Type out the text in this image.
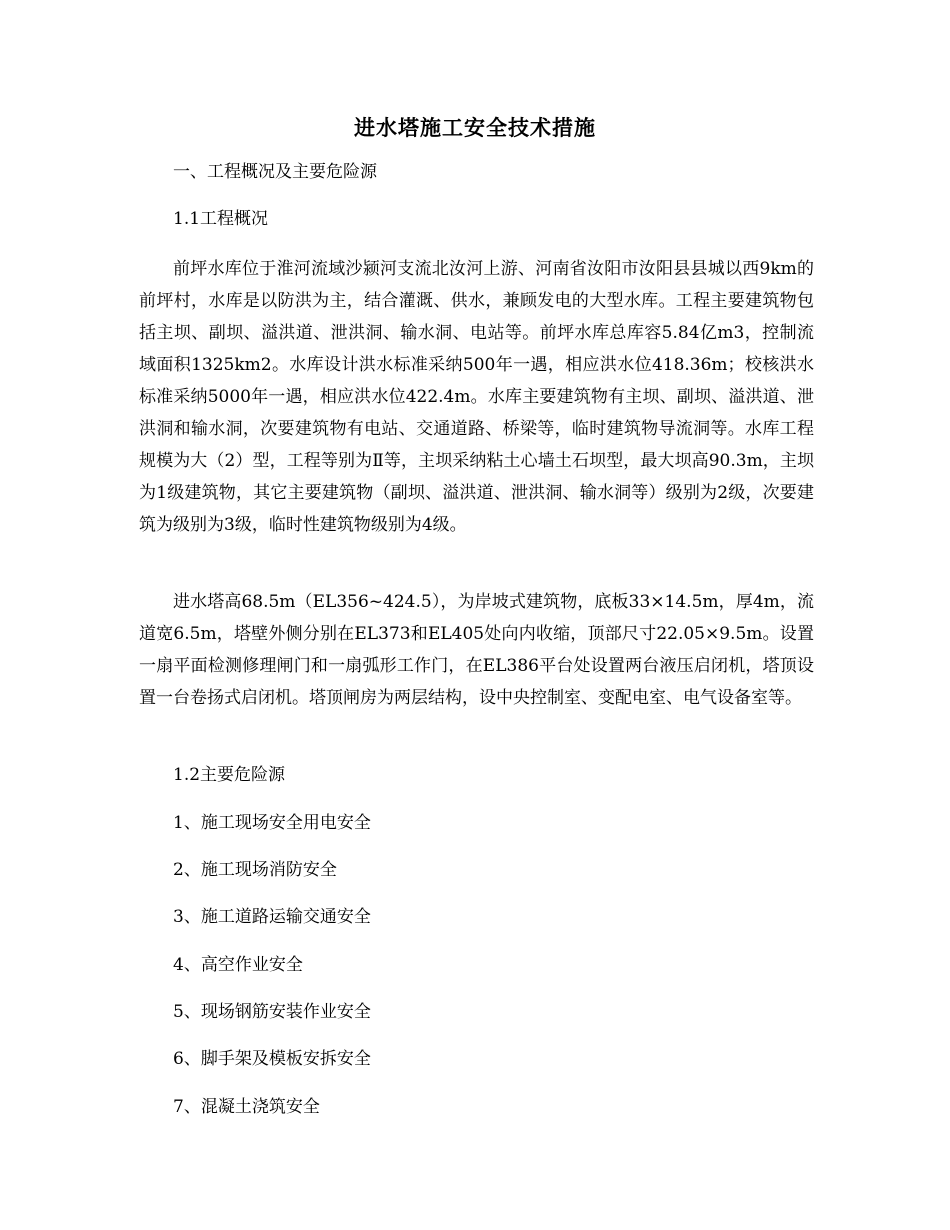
进水塔施工安全技术措施
一、工程概况及主要危险源
1.1工程概况

前坪水库位于淮河流域沙颍河支流北汝河上游、河南省汝阳市汝阳县县城以西9km的前坪村，水库是以防洪为主，结合灌溉、供水，兼顾发电的大型水库。工程主要建筑物包括主坝、副坝、溢洪道、泄洪洞、输水洞、电站等。前坪水库总库容5.84亿m3，控制流域面积1325km2。水库设计洪水标准采纳500年一遇，相应洪水位418.36m；校核洪水标准采纳5000年一遇，相应洪水位422.4m。水库主要建筑物有主坝、副坝、溢洪道、泄洪洞和输水洞，次要建筑物有电站、交通道路、桥梁等，临时建筑物导流洞等。水库工程规模为大（2）型，工程等别为Ⅱ等，主坝采纳粘土心墙土石坝型，最大坝高90.3m，主坝为1级建筑物，其它主要建筑物（副坝、溢洪道、泄洪洞、输水洞等）级别为2级，次要建筑为级别为3级，临时性建筑物级别为4级。

进水塔高68.5m（EL356~424.5），为岸坡式建筑物，底板33×14.5m，厚4m，流道宽6.5m，塔壁外侧分别在EL373和EL405处向内收缩，顶部尺寸22.05×9.5m。设置一扇平面检测修理闸门和一扇弧形工作门，在EL386平台处设置两台液压启闭机，塔顶设置一台卷扬式启闭机。塔顶闸房为两层结构，设中央控制室、变配电室、电气设备室等。

1.2主要危险源
1、施工现场安全用电安全
2、施工现场消防安全
3、施工道路运输交通安全
4、高空作业安全
5、现场钢筋安装作业安全
6、脚手架及模板安拆安全
7、混凝土浇筑安全
